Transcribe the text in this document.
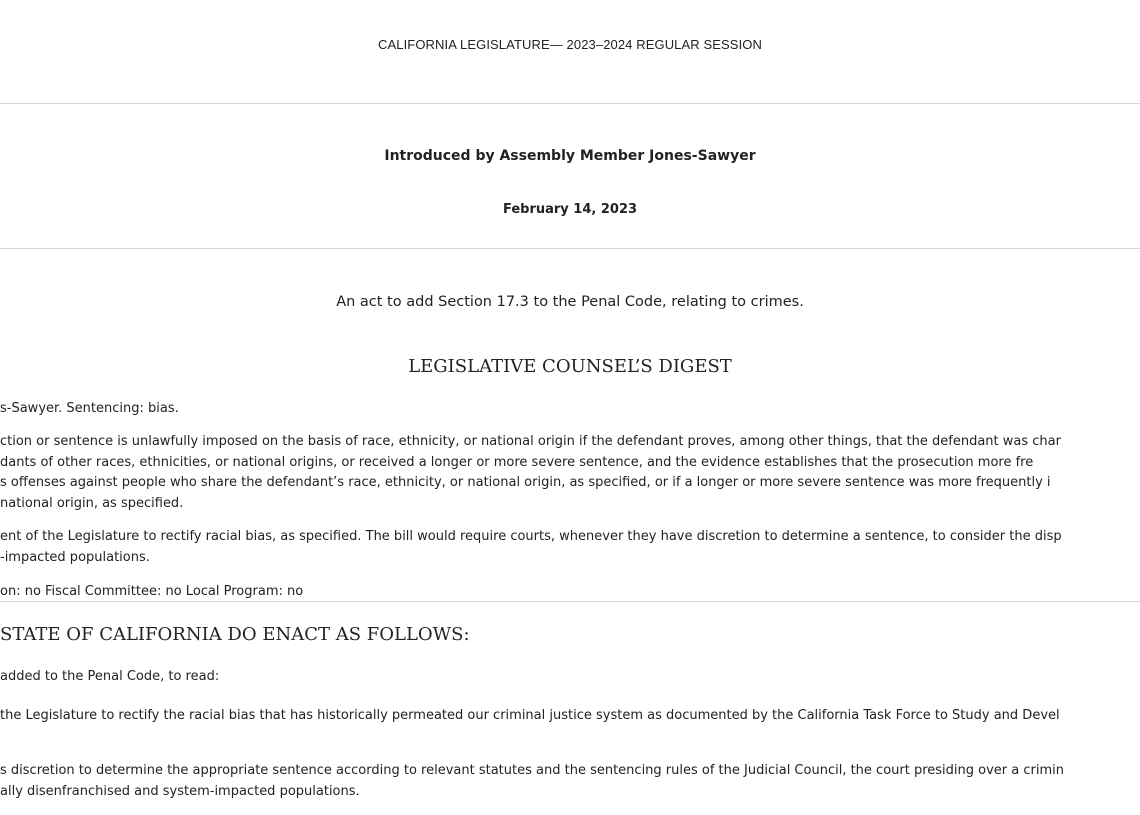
CALIFORNIA LEGISLATURE— 2023–2024 REGULAR SESSION
Introduced by Assembly Member Jones-Sawyer
February 14, 2023
An act to add Section 17.3 to the Penal Code, relating to crimes.
LEGISLATIVE COUNSEL’S DIGEST
s-Sawyer. Sentencing: bias.
ction or sentence is unlawfully imposed on the basis of race, ethnicity, or national origin if the defendant proves, among other things, that the defendant was char
dants of other races, ethnicities, or national origins, or received a longer or more severe sentence, and the evidence establishes that the prosecution more fre
s offenses against people who share the defendant’s race, ethnicity, or national origin, as specified, or if a longer or more severe sentence was more frequently i
national origin, as specified.
ent of the Legislature to rectify racial bias, as specified. The bill would require courts, whenever they have discretion to determine a sentence, to consider the disp
-impacted populations.
on: no Fiscal Committee: no Local Program: no
STATE OF CALIFORNIA DO ENACT AS FOLLOWS:
added to the Penal Code, to read:
the Legislature to rectify the racial bias that has historically permeated our criminal justice system as documented by the California Task Force to Study and Devel
s discretion to determine the appropriate sentence according to relevant statutes and the sentencing rules of the Judicial Council, the court presiding over a crimin
ally disenfranchised and system-impacted populations.
